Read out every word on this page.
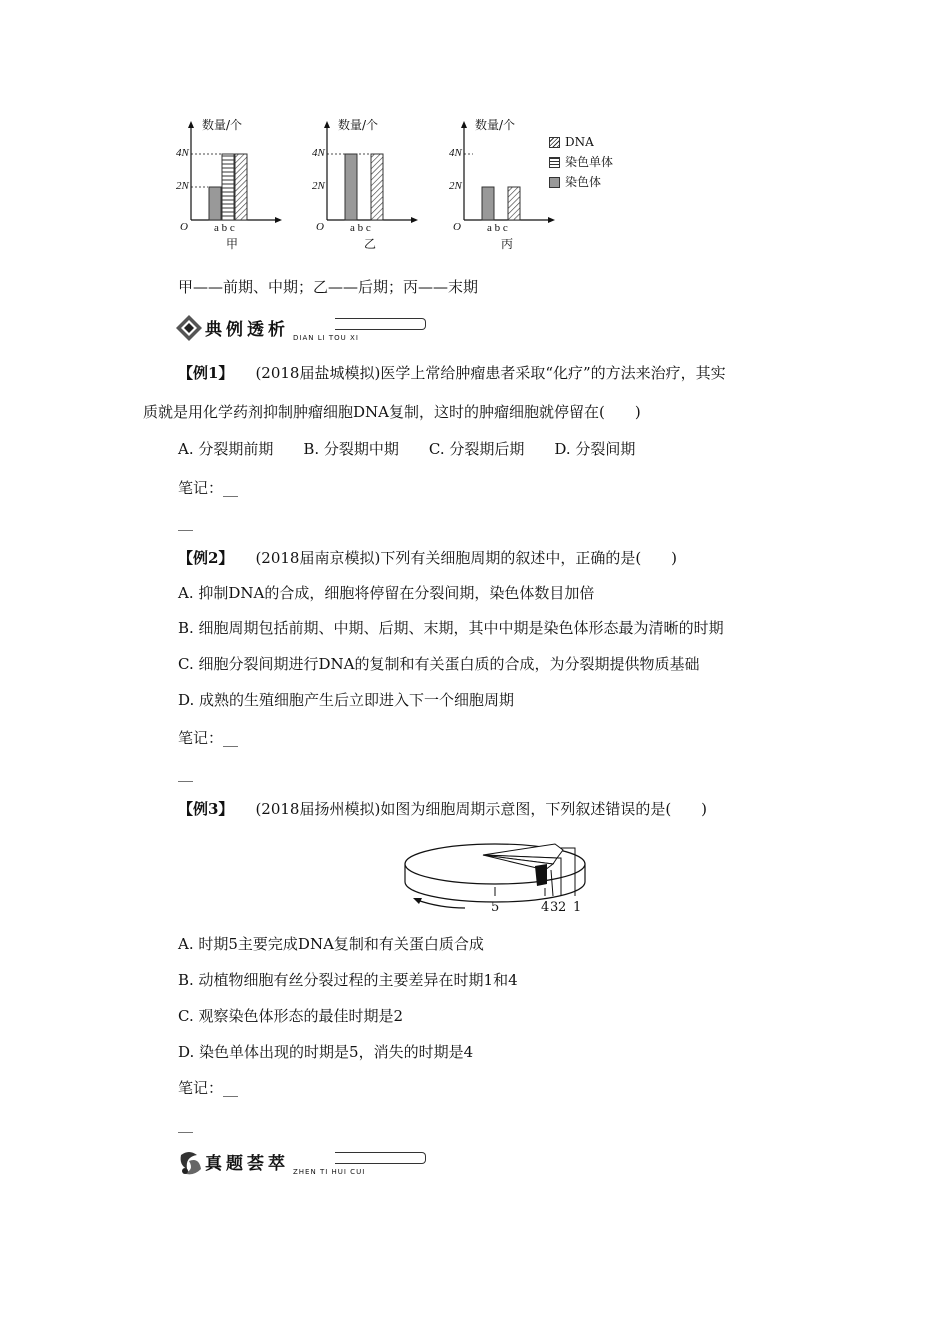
数量/个
4N
2N
O a b c
甲
数量/个
4N
2N
O a b c
乙
数量/个
4N
2N
O a b c
丙
DNA
染色单体
染色体
甲——前期、中期；乙——后期；丙——末期
典例透析 DIAN LI TOU XI
【例1】 (2018届盐城模拟)医学上常给肿瘤患者采取“化疗”的方法来治疗，其实
质就是用化学药剂抑制肿瘤细胞DNA复制，这时的肿瘤细胞就停留在(　　)
A. 分裂期前期　　B. 分裂期中期　　C. 分裂期后期　　D. 分裂间期
笔记：__
__
【例2】 (2018届南京模拟)下列有关细胞周期的叙述中，正确的是(　　)
A. 抑制DNA的合成，细胞将停留在分裂间期，染色体数目加倍
B. 细胞周期包括前期、中期、后期、末期，其中中期是染色体形态最为清晰的时期
C. 细胞分裂间期进行DNA的复制和有关蛋白质的合成，为分裂期提供物质基础
D. 成熟的生殖细胞产生后立即进入下一个细胞周期
笔记：__
__
【例3】 (2018届扬州模拟)如图为细胞周期示意图，下列叙述错误的是(　　)
5	4 3 2 1
A. 时期5主要完成DNA复制和有关蛋白质合成
B. 动植物细胞有丝分裂过程的主要差异在时期1和4
C. 观察染色体形态的最佳时期是2
D. 染色单体出现的时期是5，消失的时期是4
笔记：__
__
真题荟萃 ZHEN TI HUI CUI
